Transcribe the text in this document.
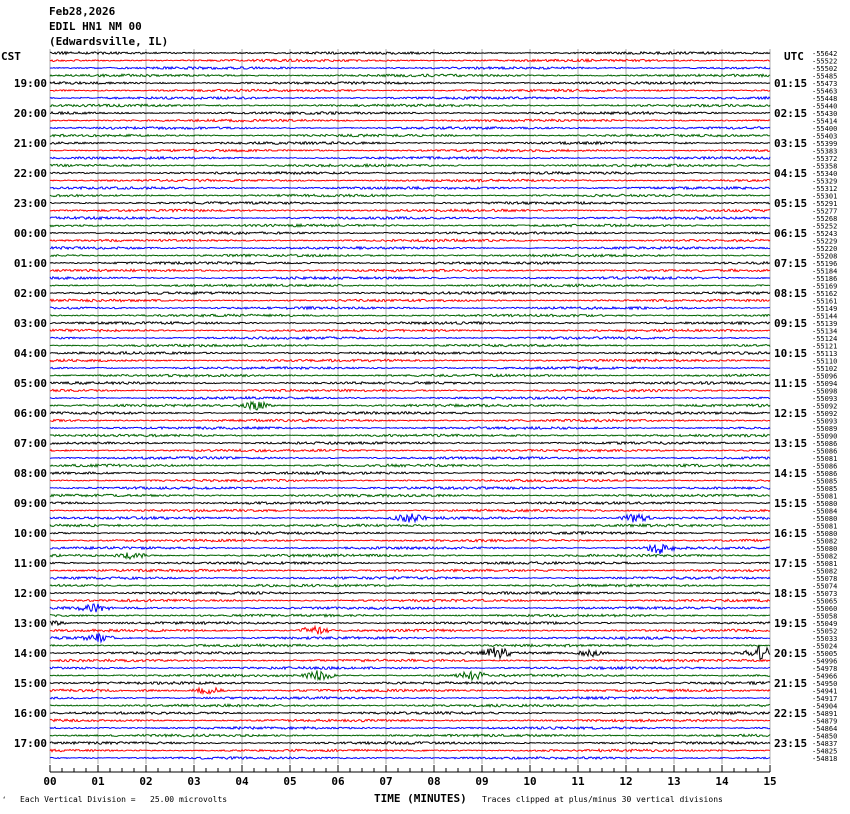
Feb28,2026
EDIL HN1 NM 00
(Edwardsville, IL)
CST	UTC
19:00
20:00
21:00
22:00
23:00
00:00
01:00
02:00
03:00
04:00
05:00
06:00
07:00
08:00
09:00
10:00
11:00
12:00
13:00
14:00
15:00
16:00
17:00
01:15
02:15
03:15
04:15
05:15
06:15
07:15
08:15
09:15
10:15
11:15
12:15
13:15
14:15
15:15
16:15
17:15
18:15
19:15
20:15
21:15
22:15
23:15
-55642
-55522
-55502
-55485
-55473
-55463
-55448
-55440
-55430
-55414
-55400
-55403
-55399
-55383
-55372
-55358
-55340
-55329
-55312
-55301
-55291
-55277
-55268
-55252
-55243
-55229
-55220
-55208
-55196
-55184
-55186
-55169
-55162
-55161
-55149
-55144
-55139
-55134
-55124
-55121
-55113
-55110
-55102
-55096
-55094
-55098
-55093
-55092
-55092
-55093
-55089
-55090
-55086
-55086
-55081
-55086
-55086
-55085
-55085
-55081
-55080
-55084
-55080
-55081
-55080
-55082
-55080
-55082
-55081
-55082
-55078
-55074
-55073
-55065
-55060
-55058
-55049
-55052
-55033
-55024
-55005
-54996
-54978
-54966
-54950
-54941
-54917
-54904
-54891
-54879
-54864
-54850
-54837
-54825
-54818
00	01	02	03	04	05	06	07	08	09	10	11	12	13	14	15
ʻ Each Vertical Division =   25.00 microvolts	TIME (MINUTES) Traces clipped at plus/minus 30 vertical divisions
